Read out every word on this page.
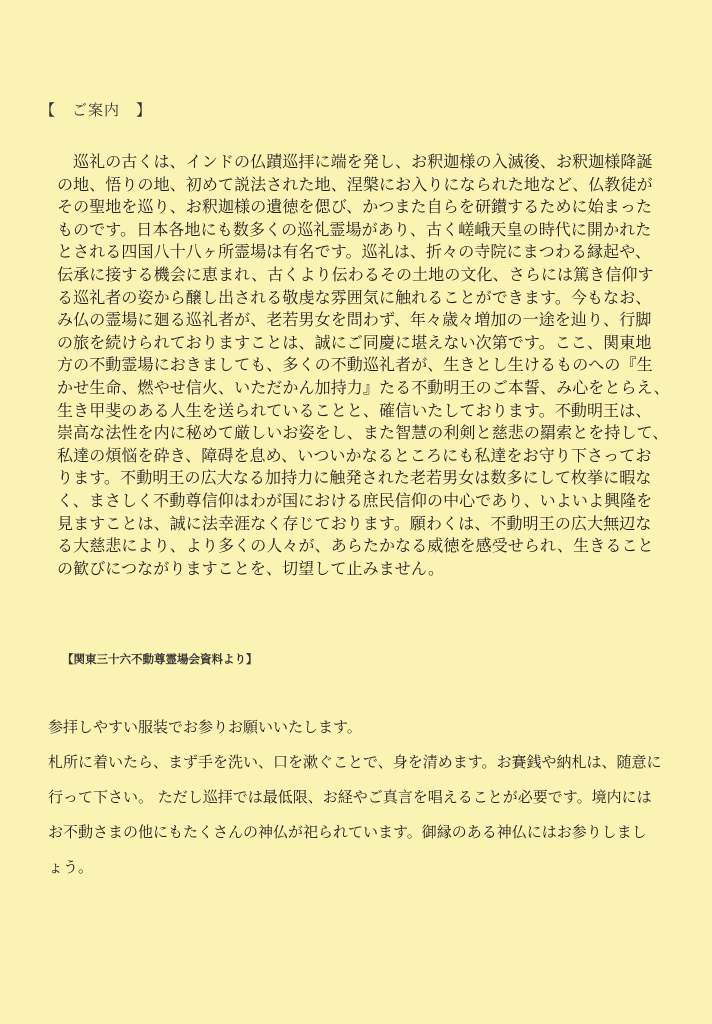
【　ご案内　】
巡礼の古くは、インドの仏蹟巡拝に端を発し、お釈迦様の入滅後、お釈迦様降誕
の地、悟りの地、初めて説法された地、涅槃にお入りになられた地など、仏教徒が
その聖地を巡り、お釈迦様の遺徳を偲び、かつまた自らを研鑚するために始まった
ものです。日本各地にも数多くの巡礼霊場があり、古く嵯峨天皇の時代に開かれた
とされる四国八十八ヶ所霊場は有名です。巡礼は、折々の寺院にまつわる縁起や、
伝承に接する機会に恵まれ、古くより伝わるその土地の文化、さらには篤き信仰す
る巡礼者の姿から醸し出される敬虔な雰囲気に触れることができます。今もなお、
み仏の霊場に廻る巡礼者が、老若男女を問わず、年々歳々増加の一途を辿り、行脚
の旅を続けられておりますことは、誠にご同慶に堪えない次第です。ここ、関東地
方の不動霊場におきましても、多くの不動巡礼者が、生きとし生けるものへの『生
かせ生命、燃やせ信火、いただかん加持力』たる不動明王のご本誓、み心をとらえ、
生き甲斐のある人生を送られていることと、確信いたしております。不動明王は、
崇高な法性を内に秘めて厳しいお姿をし、また智慧の利剣と慈悲の羂索とを持して、
私達の煩悩を砕き、障碍を息め、いついかなるところにも私達をお守り下さってお
ります。不動明王の広大なる加持力に触発された老若男女は数多にして枚挙に暇な
く、まさしく不動尊信仰はわが国における庶民信仰の中心であり、いよいよ興隆を
見ますことは、誠に法幸涯なく存じております。願わくは、不動明王の広大無辺な
る大慈悲により、より多くの人々が、あらたかなる威徳を感受せられ、生きること
の歓びにつながりますことを、切望して止みません。
【関東三十六不動尊霊場会資料より】
参拝しやすい服装でお参りお願いいたします。
札所に着いたら、まず手を洗い、口を漱ぐことで、身を清めます。お賽銭や納札は、随意に
行って下さい。 ただし巡拝では最低限、お経やご真言を唱えることが必要です。境内には
お不動さまの他にもたくさんの神仏が祀られています。御縁のある神仏にはお参りしまし
ょう。
